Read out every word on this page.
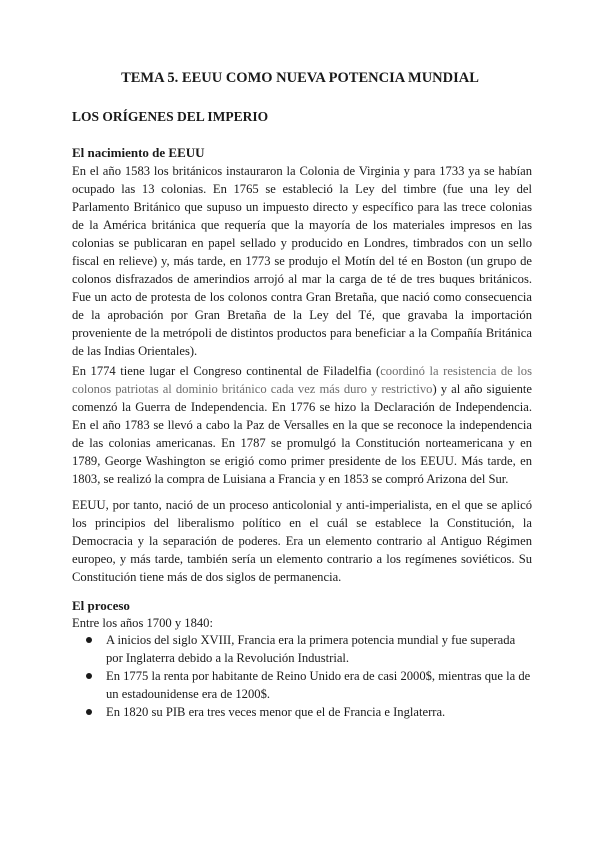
TEMA 5. EEUU COMO NUEVA POTENCIA MUNDIAL
LOS ORÍGENES DEL IMPERIO
El nacimiento de EEUU

En el año 1583 los británicos instauraron la Colonia de Virginia y para 1733 ya se habían ocupado las 13 colonias. En 1765 se estableció la Ley del timbre (fue una ley del Parlamento Británico que supuso un impuesto directo y específico para las trece colonias de la América británica que requería que la mayoría de los materiales impresos en las colonias se publicaran en papel sellado y producido en Londres, timbrados con un sello fiscal en relieve) y, más tarde, en 1773 se produjo el Motín del té en Boston (un grupo de colonos disfrazados de amerindios arrojó al mar la carga de té de tres buques británicos. Fue un acto de protesta de los colonos contra Gran Bretaña, que nació como consecuencia de la aprobación por Gran Bretaña de la Ley del Té, que gravaba la importación proveniente de la metrópoli de distintos productos para beneficiar a la Compañía Británica de las Indias Orientales).

En 1774 tiene lugar el Congreso continental de Filadelfia (coordinó la resistencia de los colonos patriotas al dominio británico cada vez más duro y restrictivo) y al año siguiente comenzó la Guerra de Independencia. En 1776 se hizo la Declaración de Independencia. En el año 1783 se llevó a cabo la Paz de Versalles en la que se reconoce la independencia de las colonias americanas. En 1787 se promulgó la Constitución norteamericana y en 1789, George Washington se erigió como primer presidente de los EEUU. Más tarde, en 1803, se realizó la compra de Luisiana a Francia y en 1853 se compró Arizona del Sur.

EEUU, por tanto, nació de un proceso anticolonial y anti-imperialista, en el que se aplicó los principios del liberalismo político en el cuál se establece la Constitución, la Democracia y la separación de poderes. Era un elemento contrario al Antiguo Régimen europeo, y más tarde, también sería un elemento contrario a los regímenes soviéticos. Su Constitución tiene más de dos siglos de permanencia.

El proceso

Entre los años 1700 y 1840:

A inicios del siglo XVIII, Francia era la primera potencia mundial y fue superada por Inglaterra debido a la Revolución Industrial.
En 1775 la renta por habitante de Reino Unido era de casi 2000$, mientras que la de un estadounidense era de 1200$.
En 1820 su PIB era tres veces menor que el de Francia e Inglaterra.
